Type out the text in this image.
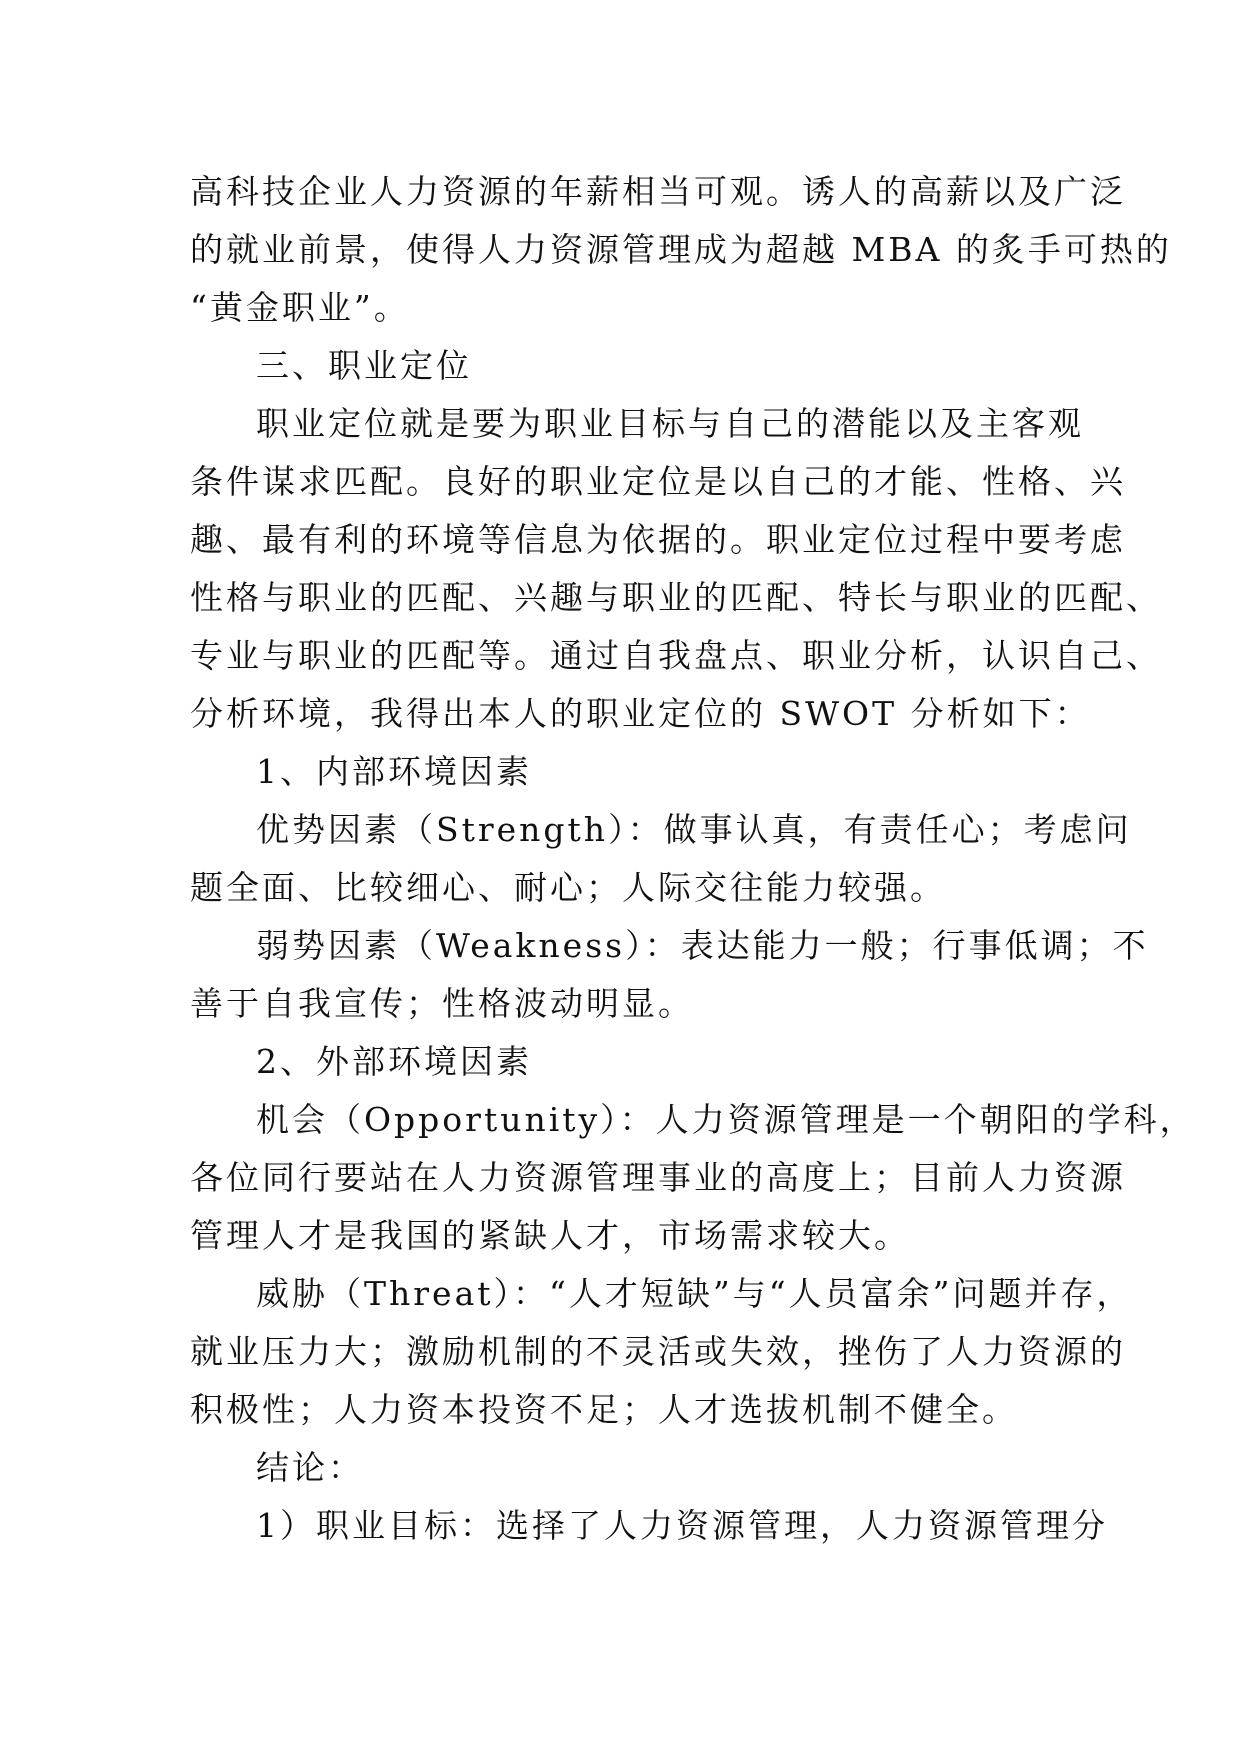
高科技企业人力资源的年薪相当可观。诱人的高薪以及广泛
的就业前景，使得人力资源管理成为超越 MBA 的炙手可热的
“黄金职业”。
三、职业定位
职业定位就是要为职业目标与自己的潜能以及主客观
条件谋求匹配。良好的职业定位是以自己的才能、性格、兴
趣、最有利的环境等信息为依据的。职业定位过程中要考虑
性格与职业的匹配、兴趣与职业的匹配、特长与职业的匹配、
专业与职业的匹配等。通过自我盘点、职业分析，认识自己、
分析环境，我得出本人的职业定位的 SWOT 分析如下：
1、内部环境因素
优势因素（Strength）：做事认真，有责任心；考虑问
题全面、比较细心、耐心；人际交往能力较强。
弱势因素（Weakness）：表达能力一般；行事低调；不
善于自我宣传；性格波动明显。
2、外部环境因素
机会（Opportunity）：人力资源管理是一个朝阳的学科，
各位同行要站在人力资源管理事业的高度上；目前人力资源
管理人才是我国的紧缺人才，市场需求较大。
威胁（Threat）：“人才短缺”与“人员富余”问题并存，
就业压力大；激励机制的不灵活或失效，挫伤了人力资源的
积极性；人力资本投资不足；人才选拔机制不健全。
结论：
1）职业目标：选择了人力资源管理，人力资源管理分
